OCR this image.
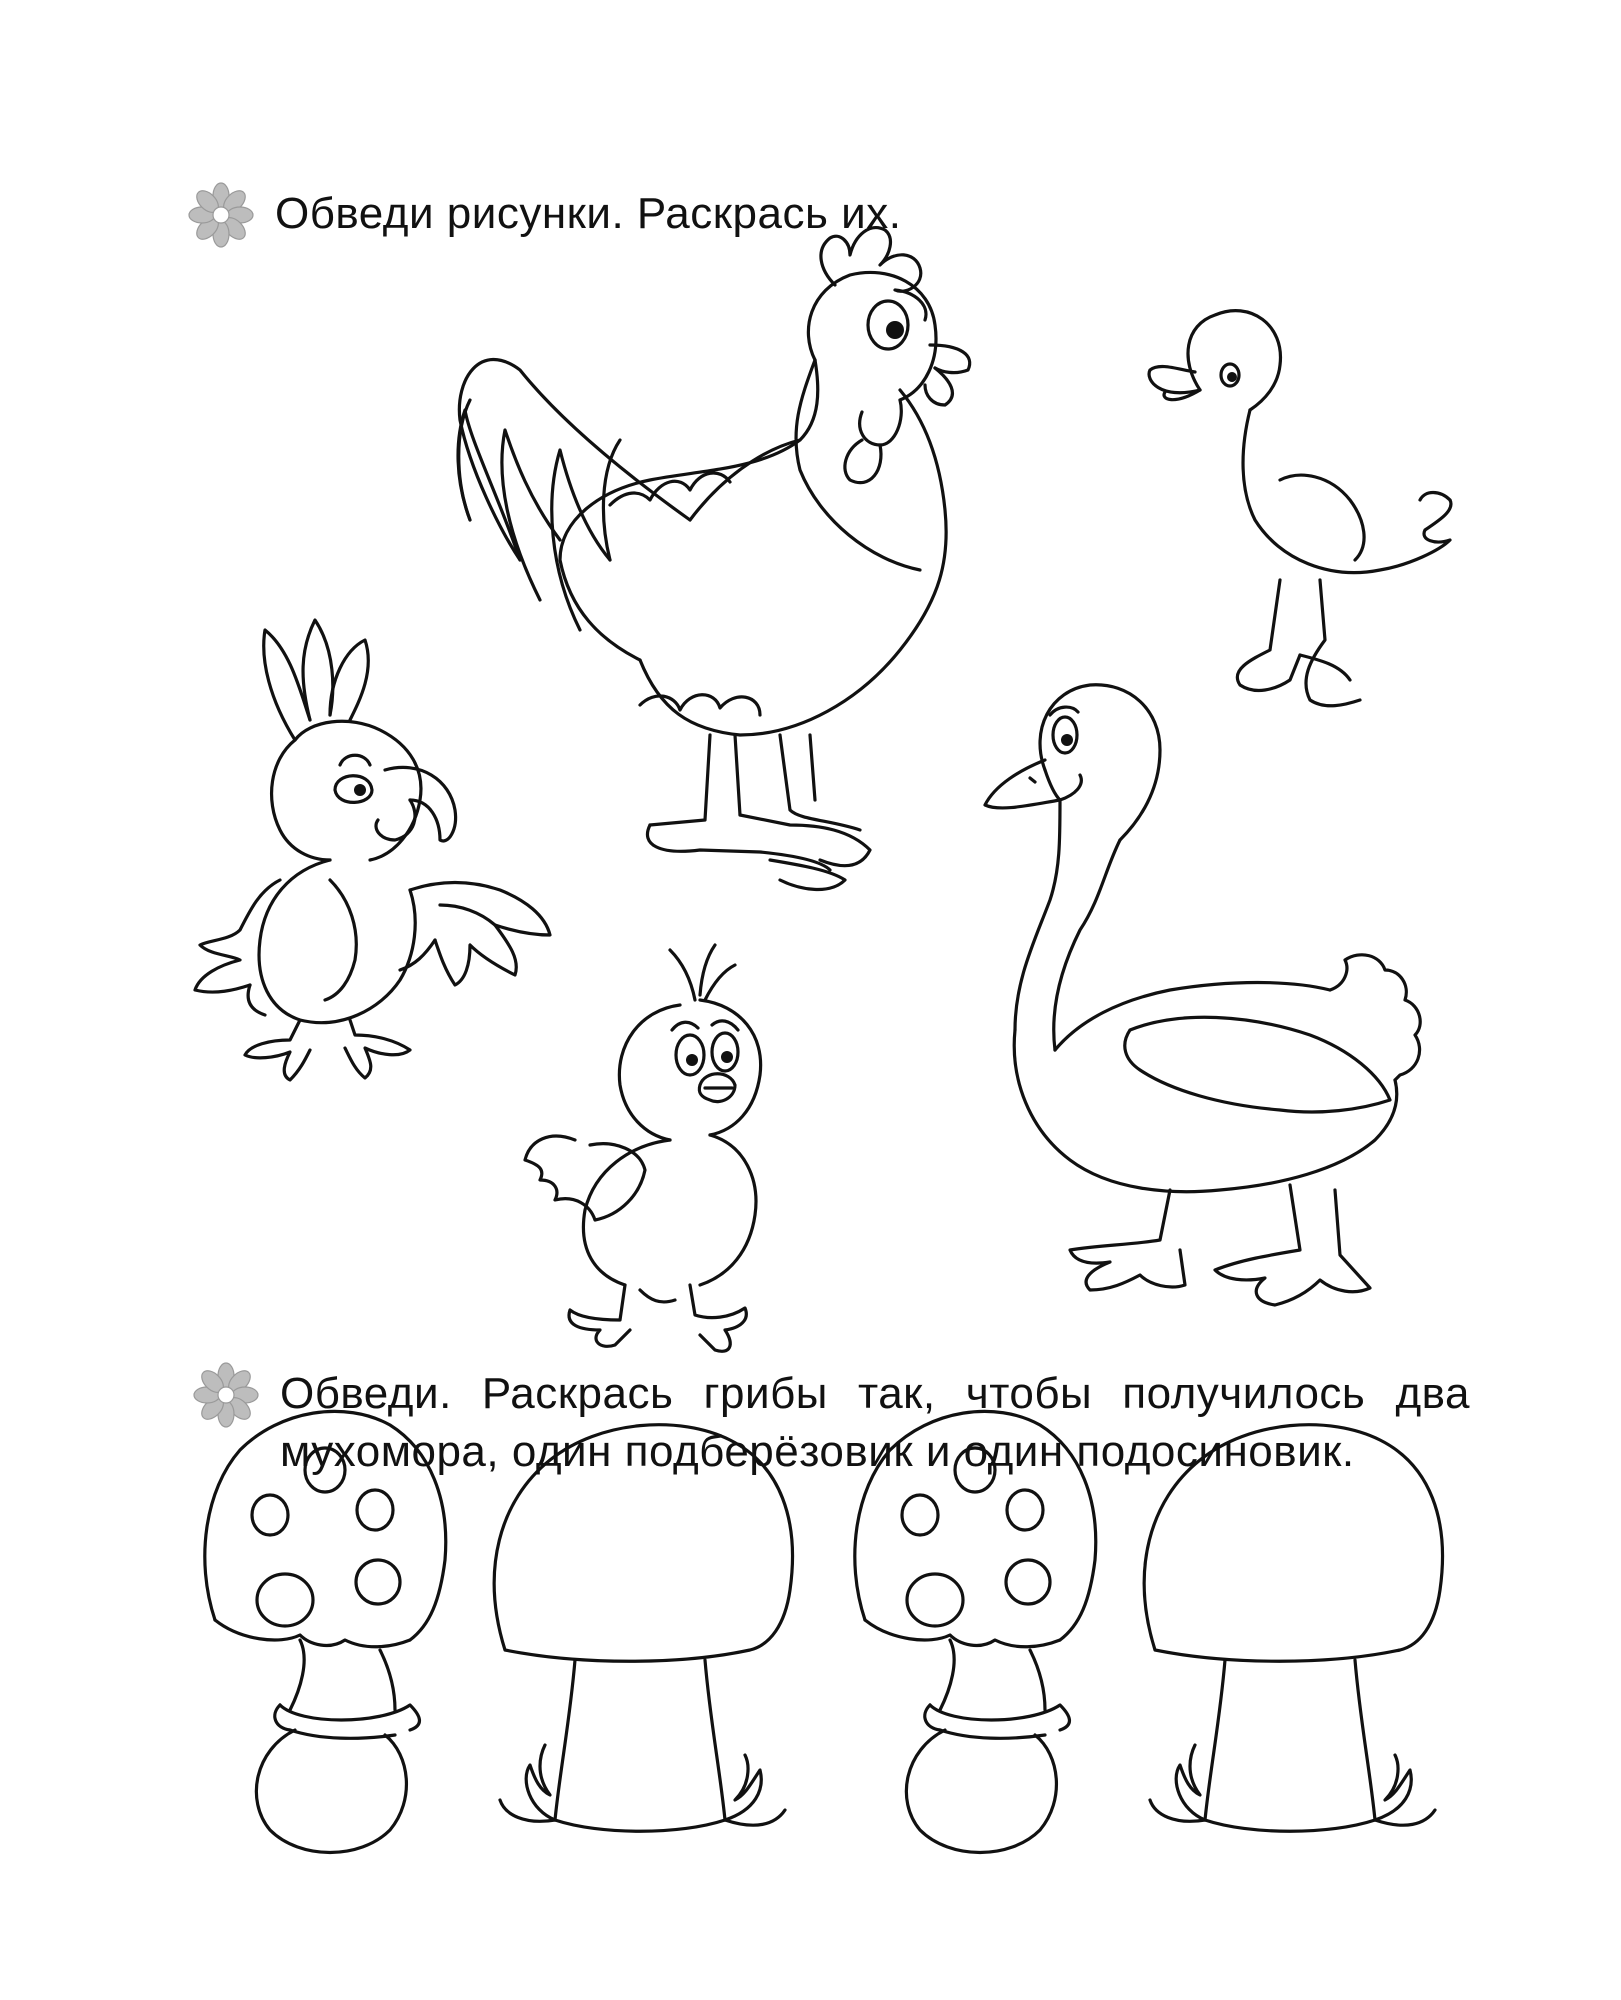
Обведи рисунки. Раскрась их.
Обведи. Раскрась грибы так, чтобы получилось два мухомора, один подберёзовик и один подосиновик.
